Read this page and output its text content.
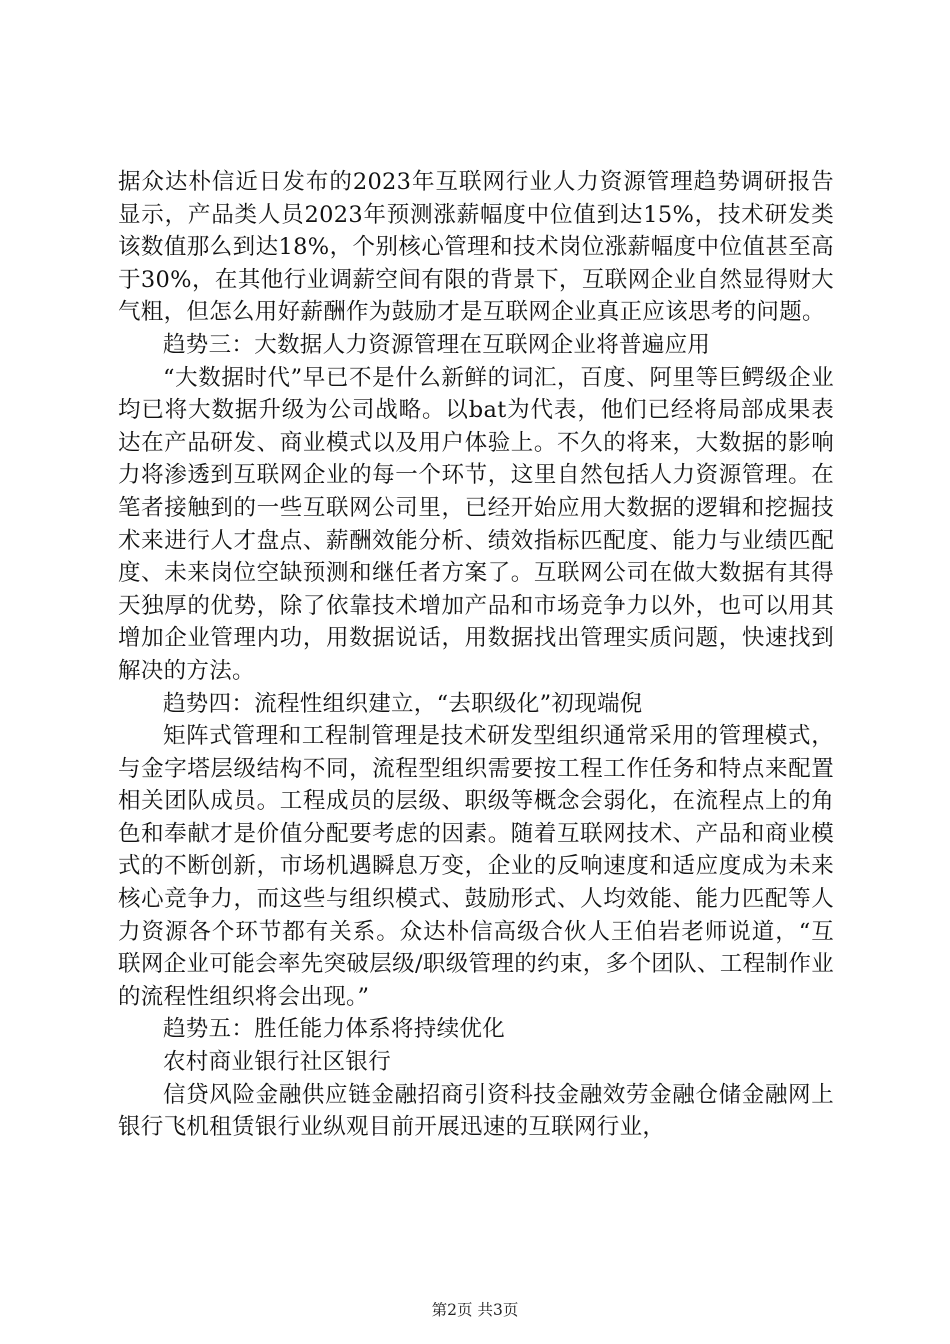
据众达朴信近日发布的2023年互联网行业人力资源管理趋势调研报告显示，产品类人员2023年预测涨薪幅度中位值到达15%，技术研发类该数值那么到达18%，个别核心管理和技术岗位涨薪幅度中位值甚至高于30%，在其他行业调薪空间有限的背景下，互联网企业自然显得财大气粗，但怎么用好薪酬作为鼓励才是互联网企业真正应该思考的问题。

趋势三：大数据人力资源管理在互联网企业将普遍应用

“大数据时代”早已不是什么新鲜的词汇，百度、阿里等巨鳄级企业均已将大数据升级为公司战略。以bat为代表，他们已经将局部成果表达在产品研发、商业模式以及用户体验上。不久的将来，大数据的影响力将渗透到互联网企业的每一个环节，这里自然包括人力资源管理。在笔者接触到的一些互联网公司里，已经开始应用大数据的逻辑和挖掘技术来进行人才盘点、薪酬效能分析、绩效指标匹配度、能力与业绩匹配度、未来岗位空缺预测和继任者方案了。互联网公司在做大数据有其得天独厚的优势，除了依靠技术增加产品和市场竞争力以外，也可以用其增加企业管理内功，用数据说话，用数据找出管理实质问题，快速找到解决的方法。

趋势四：流程性组织建立，“去职级化”初现端倪

矩阵式管理和工程制管理是技术研发型组织通常采用的管理模式，与金字塔层级结构不同，流程型组织需要按工程工作任务和特点来配置相关团队成员。工程成员的层级、职级等概念会弱化，在流程点上的角色和奉献才是价值分配要考虑的因素。随着互联网技术、产品和商业模式的不断创新，市场机遇瞬息万变，企业的反响速度和适应度成为未来核心竞争力，而这些与组织模式、鼓励形式、人均效能、能力匹配等人力资源各个环节都有关系。众达朴信高级合伙人王伯岩老师说道，“互联网企业可能会率先突破层级/职级管理的约束，多个团队、工程制作业的流程性组织将会出现。”

趋势五：胜任能力体系将持续优化

农村商业银行社区银行

信贷风险金融供应链金融招商引资科技金融效劳金融仓储金融网上银行飞机租赁银行业纵观目前开展迅速的互联网行业，

第2页 共3页
